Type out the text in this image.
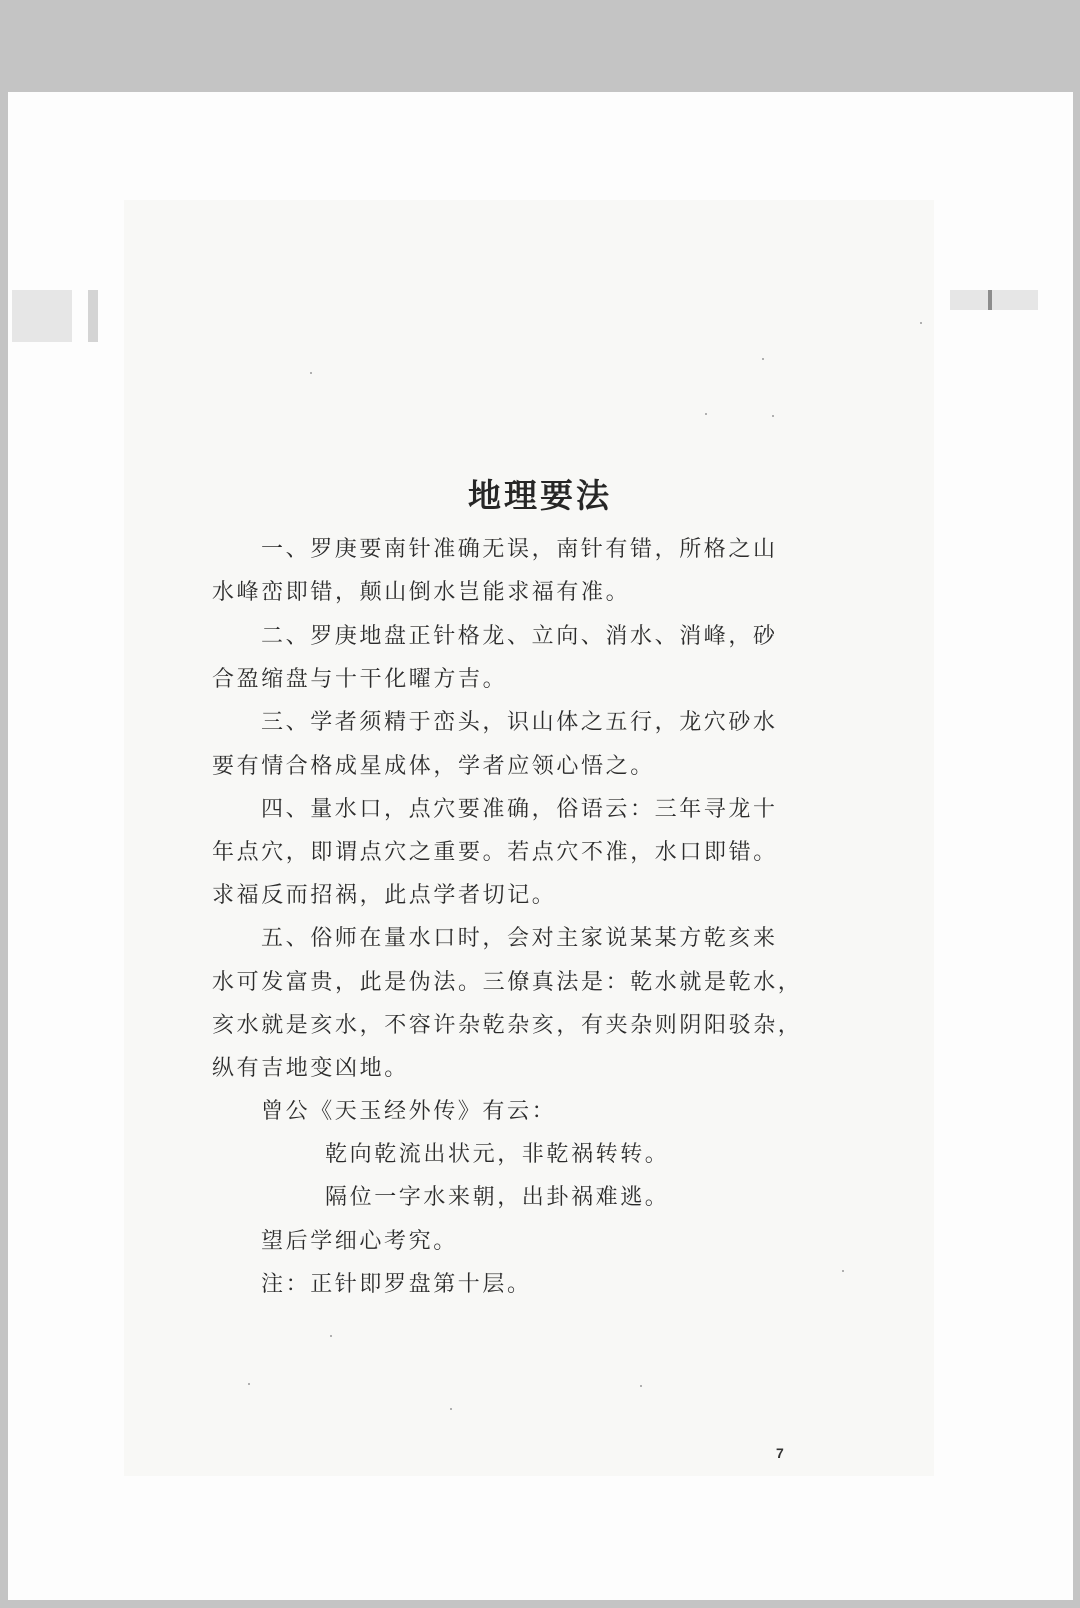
地理要法

一、罗庚要南针准确无误，南针有错，所格之山

水峰峦即错，颠山倒水岂能求福有准。

二、罗庚地盘正针格龙、立向、消水、消峰，砂

合盈缩盘与十干化曜方吉。

三、学者须精于峦头，识山体之五行，龙穴砂水

要有情合格成星成体，学者应领心悟之。

四、量水口，点穴要准确，俗语云：三年寻龙十

年点穴，即谓点穴之重要。若点穴不准，水口即错。

求福反而招祸，此点学者切记。

五、俗师在量水口时，会对主家说某某方乾亥来

水可发富贵，此是伪法。三僚真法是：乾水就是乾水，

亥水就是亥水，不容许杂乾杂亥，有夹杂则阴阳驳杂，

纵有吉地变凶地。

曾公《天玉经外传》有云：

乾向乾流出状元，非乾祸转转。

隔位一字水来朝，出卦祸难逃。

望后学细心考究。

注：正针即罗盘第十层。

7
